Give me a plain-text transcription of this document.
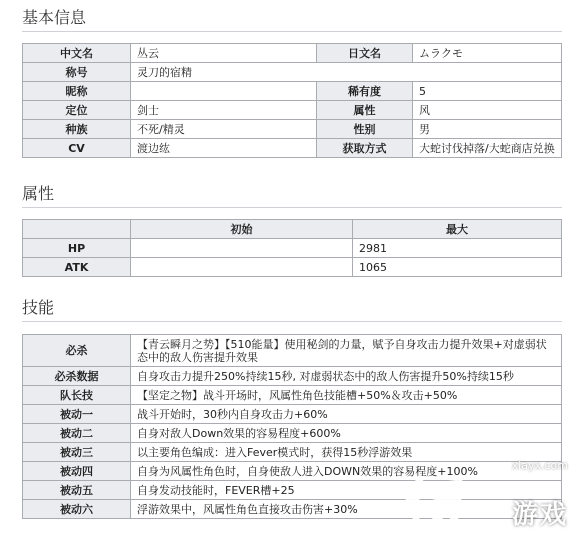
基本信息
中文名	丛云	日文名	ムラクモ
称号	灵刀的宿精		
昵称		稀有度	5
定位	剑士	属性	风
种族	不死/精灵	性别	男
CV	渡边纮	获取方式	大蛇讨伐掉落/大蛇商店兑换
属性
	初始	最大
HP		2981
ATK		1065
技能
必杀	【青云瞬月之势】【510能量】使用秘剑的力量，赋予自身攻击力提升效果+对虚弱状态中的敌人伤害提升效果
必杀数据	自身攻击力提升250%持续15秒, 对虚弱状态中的敌人伤害提升50%持续15秒
队长技	【坚定之物】战斗开场时，风属性角色技能槽+50%＆攻击+50%
被动一	战斗开始时，30秒内自身攻击力+60%
被动二	自身对敌人Down效果的容易程度+600%
被动三	以主要角色编成：进入Fever模式时，获得15秒浮游效果
被动四	自身为风属性角色时，自身使敌人进入DOWN效果的容易程度+100%
被动五	自身发动技能时，FEVER槽+25
被动六	浮游效果中，风属性角色直接攻击伤害+30%
xiayx.com
游戏
